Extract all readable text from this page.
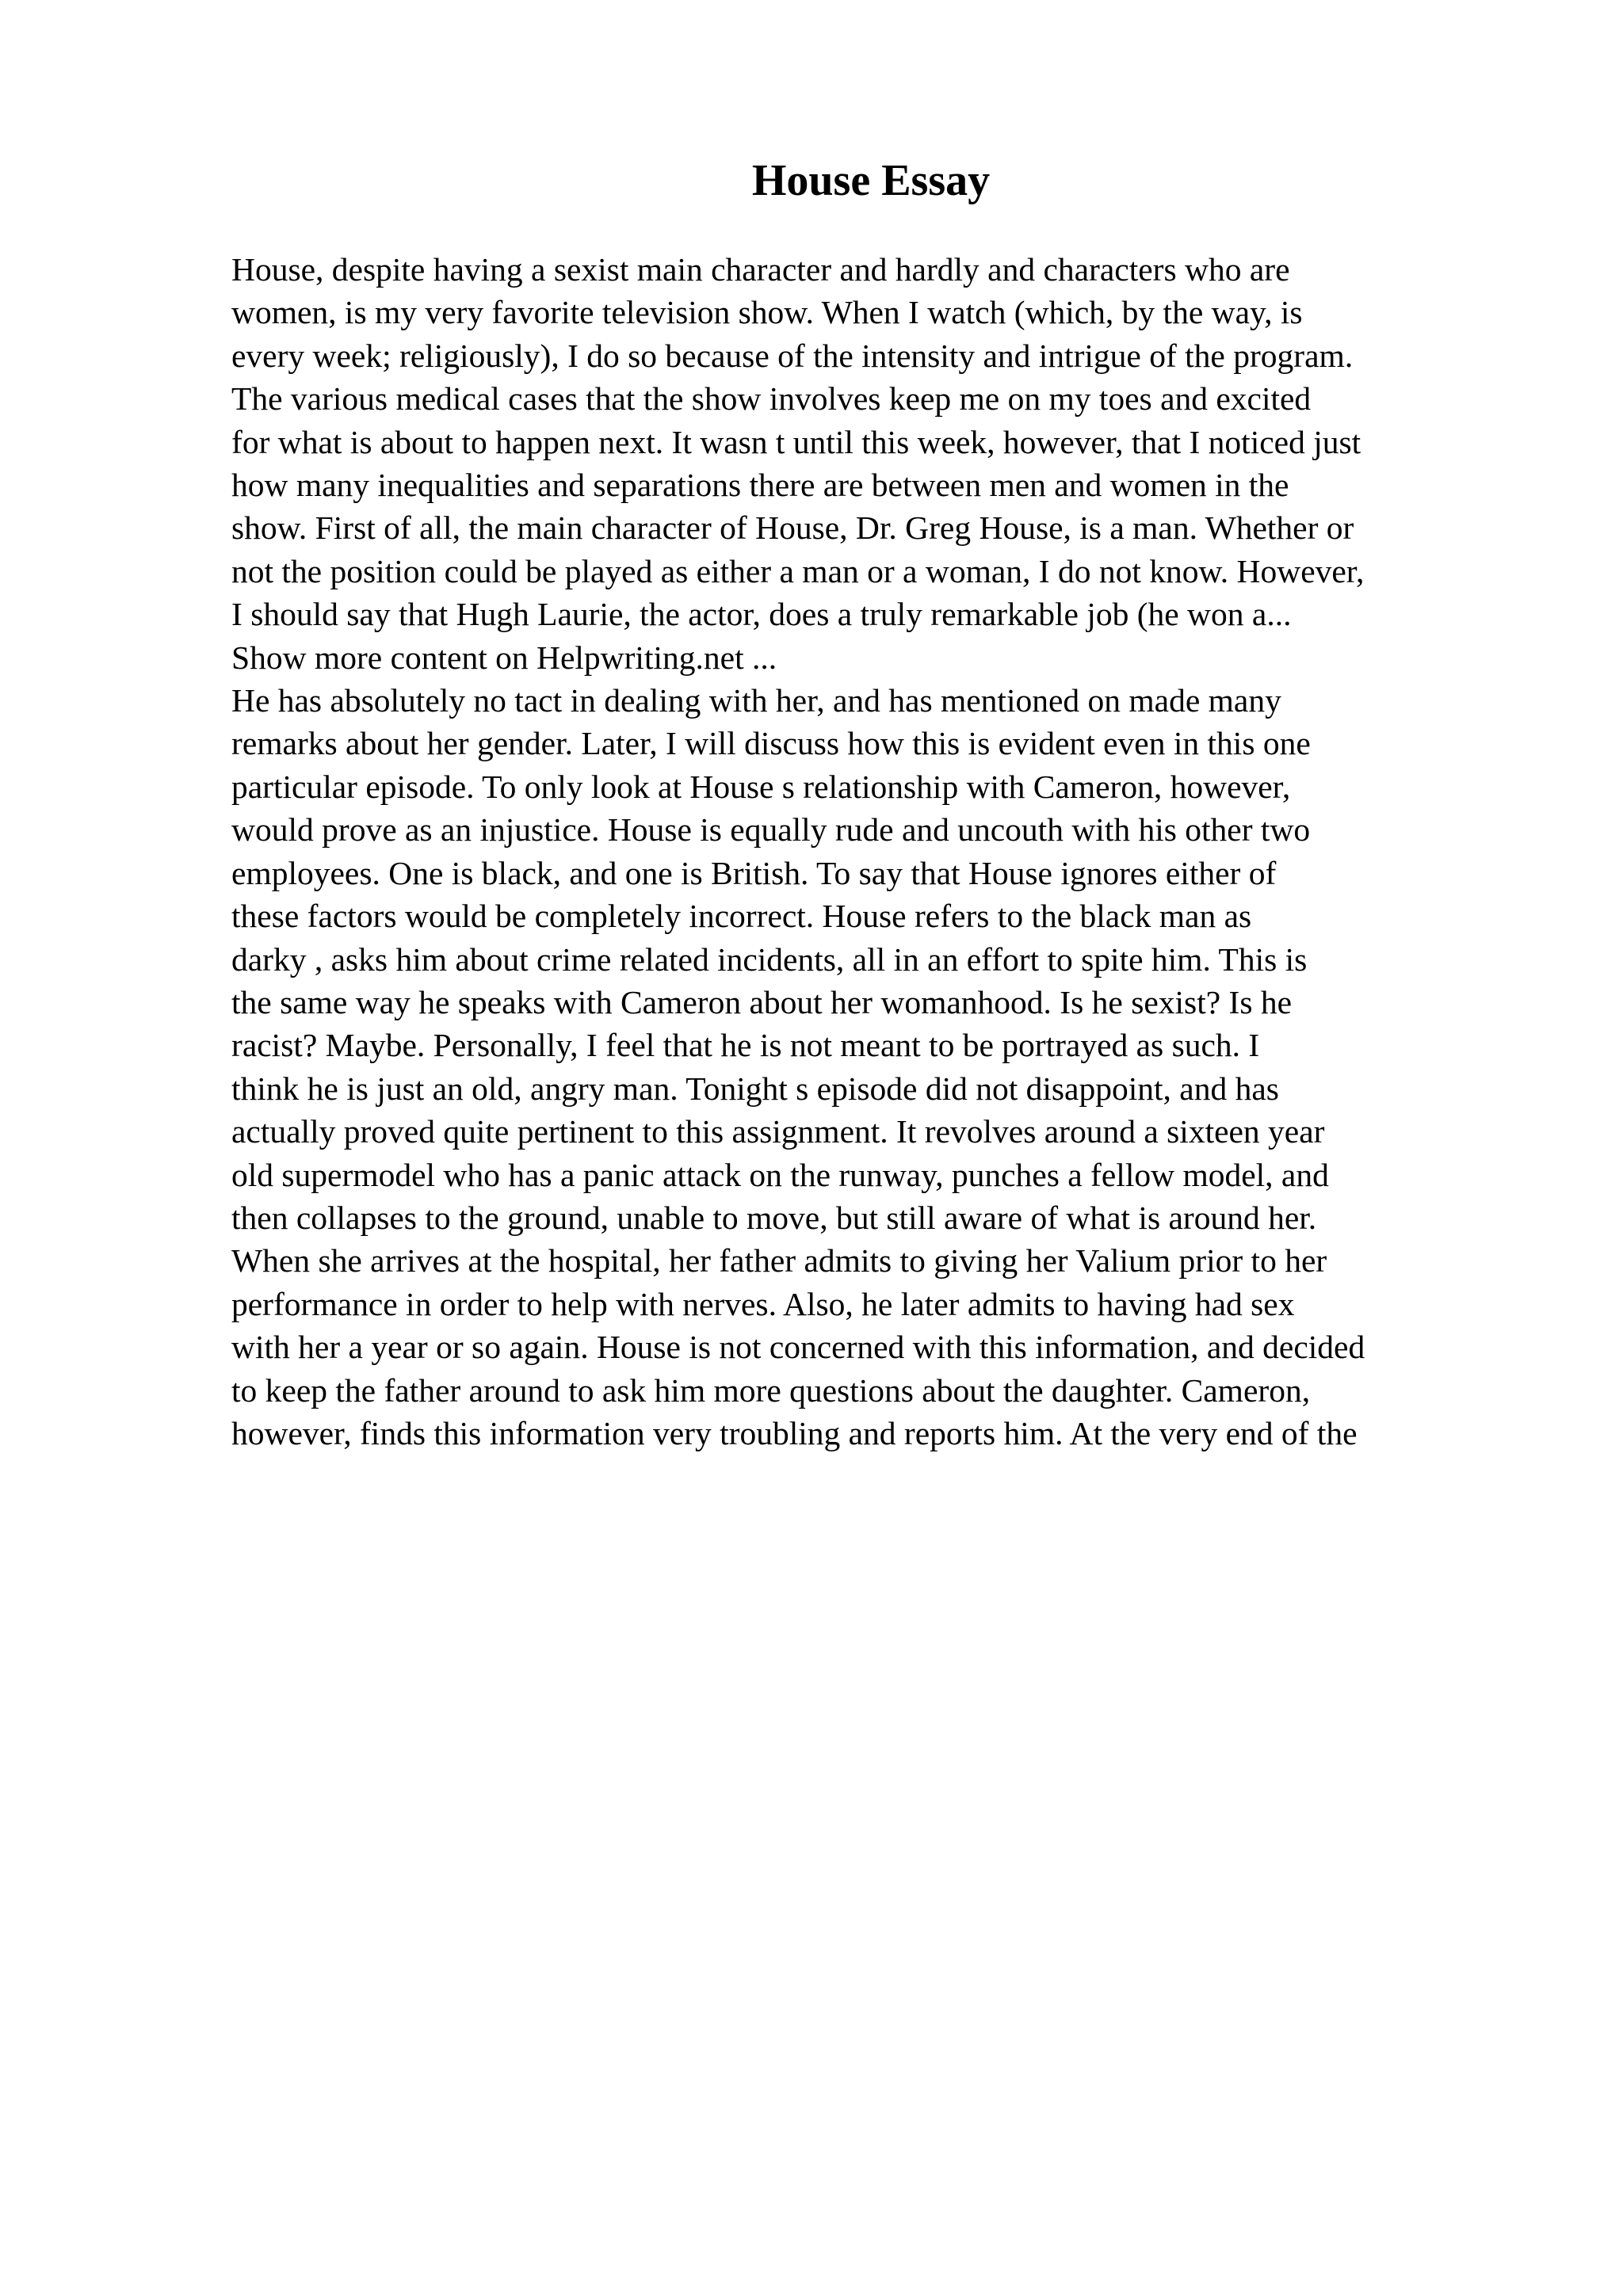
House Essay
House, despite having a sexist main character and hardly and characters who are
women, is my very favorite television show. When I watch (which, by the way, is
every week; religiously), I do so because of the intensity and intrigue of the program.
The various medical cases that the show involves keep me on my toes and excited
for what is about to happen next. It wasn t until this week, however, that I noticed just
how many inequalities and separations there are between men and women in the
show. First of all, the main character of House, Dr. Greg House, is a man. Whether or
not the position could be played as either a man or a woman, I do not know. However,
I should say that Hugh Laurie, the actor, does a truly remarkable job (he won a...
Show more content on Helpwriting.net ...
He has absolutely no tact in dealing with her, and has mentioned on made many
remarks about her gender. Later, I will discuss how this is evident even in this one
particular episode. To only look at House s relationship with Cameron, however,
would prove as an injustice. House is equally rude and uncouth with his other two
employees. One is black, and one is British. To say that House ignores either of
these factors would be completely incorrect. House refers to the black man as
darky , asks him about crime related incidents, all in an effort to spite him. This is
the same way he speaks with Cameron about her womanhood. Is he sexist? Is he
racist? Maybe. Personally, I feel that he is not meant to be portrayed as such. I
think he is just an old, angry man. Tonight s episode did not disappoint, and has
actually proved quite pertinent to this assignment. It revolves around a sixteen year
old supermodel who has a panic attack on the runway, punches a fellow model, and
then collapses to the ground, unable to move, but still aware of what is around her.
When she arrives at the hospital, her father admits to giving her Valium prior to her
performance in order to help with nerves. Also, he later admits to having had sex
with her a year or so again. House is not concerned with this information, and decided
to keep the father around to ask him more questions about the daughter. Cameron,
however, finds this information very troubling and reports him. At the very end of the
